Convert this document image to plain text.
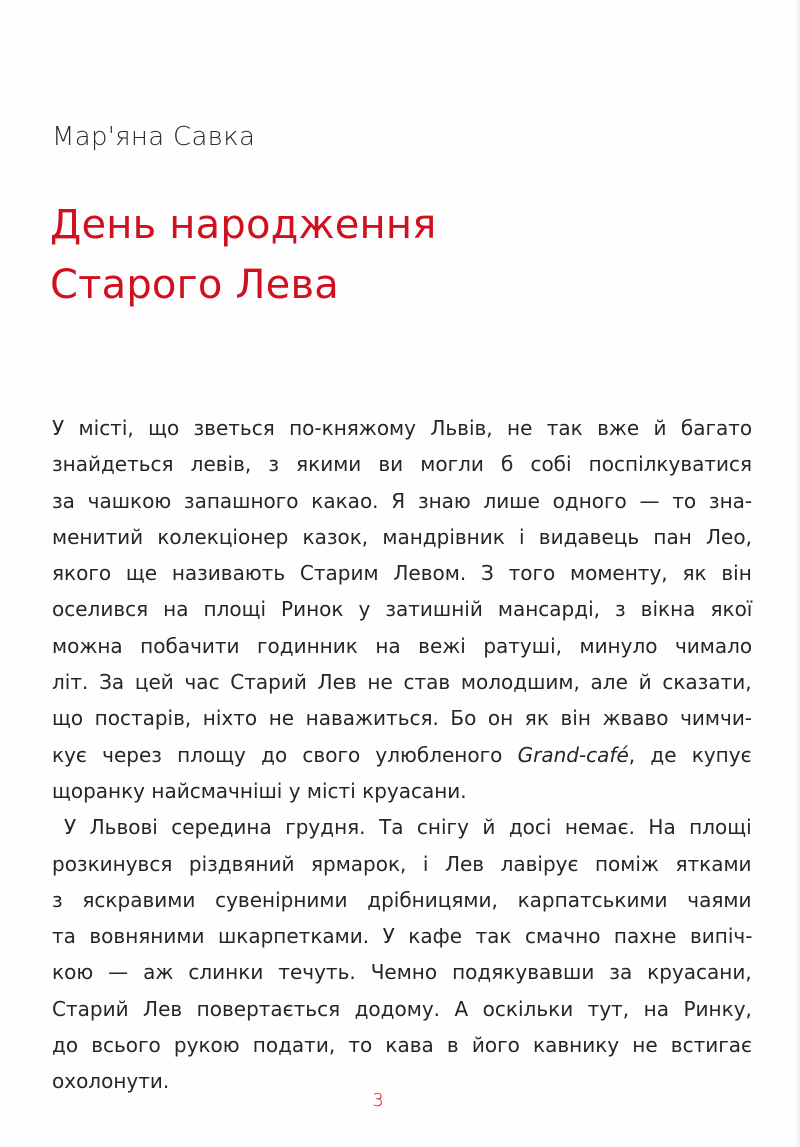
Мар'яна Савка
День народження
Старого Лева
У місті, що зветься по-княжому Львів, не так вже й багато
знайдеться левів, з якими ви могли б собі поспілкуватися
за чашкою запашного какао. Я знаю лише одного — то зна-
менитий колекціонер казок, мандрівник і видавець пан Лео,
якого ще називають Старим Левом. З того моменту, як він
оселився на площі Ринок у затишній мансарді, з вікна якої
можна побачити годинник на вежі ратуші, минуло чимало
літ. За цей час Старий Лев не став молодшим, але й сказати,
що постарів, ніхто не наважиться. Бо он як він жваво чимчи-
кує через площу до свого улюбленого Grand-café, де купує
щоранку найсмачніші у місті круасани.
У Львові середина грудня. Та снігу й досі немає. На площі
розкинувся різдвяний ярмарок, і Лев лавірує поміж ятками
з яскравими сувенірними дрібницями, карпатськими чаями
та вовняними шкарпетками. У кафе так смачно пахне випіч-
кою — аж слинки течуть. Чемно подякувавши за круасани,
Старий Лев повертається додому. А оскільки тут, на Ринку,
до всього рукою подати, то кава в його кавнику не встигає
охолонути.
3
